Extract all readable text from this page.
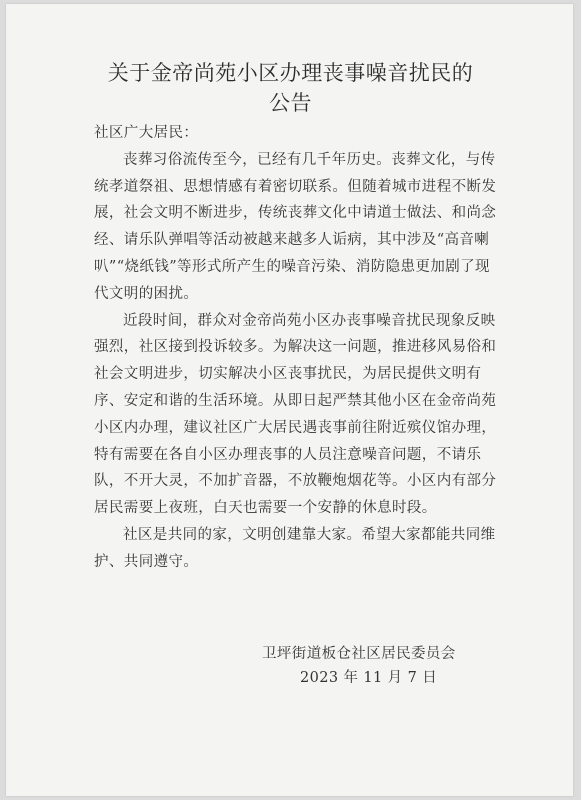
关于金帝尚苑小区办理丧事噪音扰民的
公告

社区广大居民：

丧葬习俗流传至今，已经有几千年历史。丧葬文化，与传统孝道祭祖、思想情感有着密切联系。但随着城市进程不断发展，社会文明不断进步，传统丧葬文化中请道士做法、和尚念经、请乐队弹唱等活动被越来越多人诟病，其中涉及“高音喇叭”“烧纸钱”等形式所产生的噪音污染、消防隐患更加剧了现代文明的困扰。

近段时间，群众对金帝尚苑小区办丧事噪音扰民现象反映强烈，社区接到投诉较多。为解决这一问题，推进移风易俗和社会文明进步，切实解决小区丧事扰民，为居民提供文明有序、安定和谐的生活环境。从即日起严禁其他小区在金帝尚苑小区内办理，建议社区广大居民遇丧事前往附近殡仪馆办理，特有需要在各自小区办理丧事的人员注意噪音问题，不请乐队，不开大灵，不加扩音器，不放鞭炮烟花等。小区内有部分居民需要上夜班，白天也需要一个安静的休息时段。

社区是共同的家，文明创建靠大家。希望大家都能共同维护、共同遵守。

卫坪街道板仓社区居民委员会
2023 年 11 月 7 日
